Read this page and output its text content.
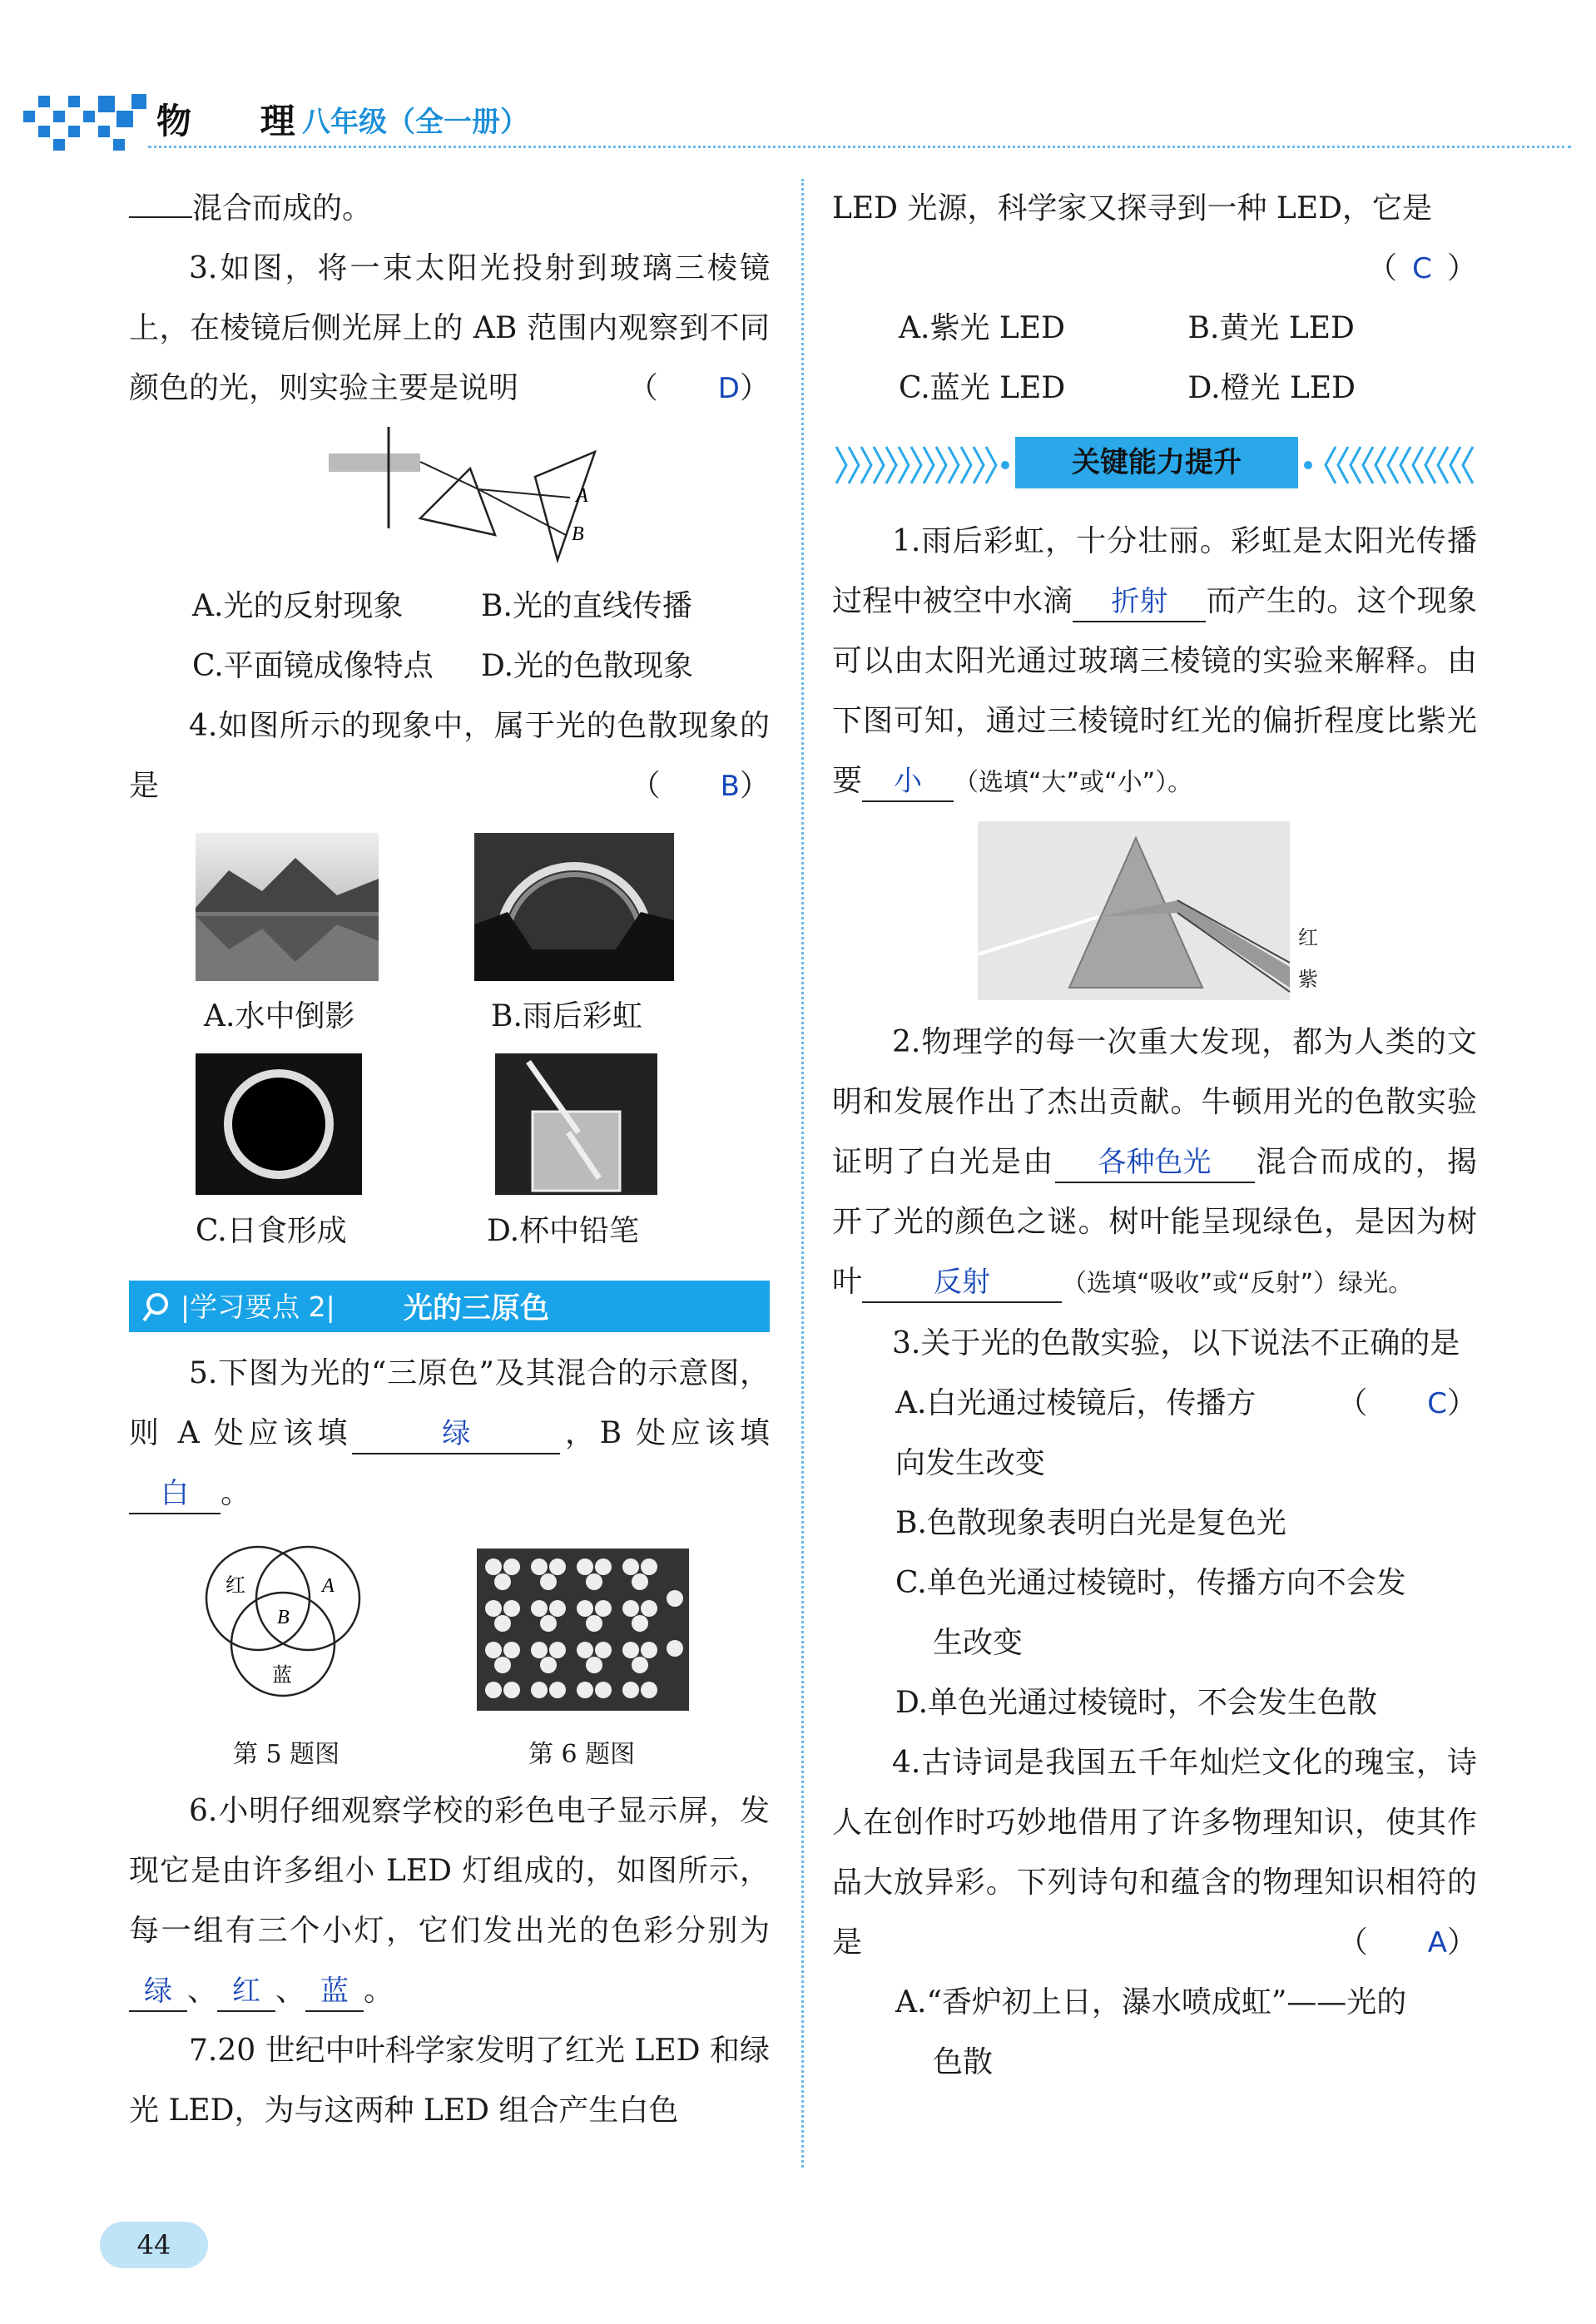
物 理
八年级（全一册）
混合而成的。
3.如图，将一束太阳光投射到玻璃三棱镜上，在棱镜后侧光屏上的 AB 范围内观察到不同颜色的光，则实验主要是说明	（ D）
A
B
A.光的反射现象	B.光的直线传播
C.平面镜成像特点	D.光的色散现象
4.如图所示的现象中，属于光的色散现象的是	（ B）
A.水中倒影	B.雨后彩虹
C.日食形成	D.杯中铅笔
|学习要点 2| 光的三原色
5.下图为光的“三原色”及其混合的示意图，则 A 处应该填	绿	，B 处应该填白 。
红	A
B
蓝
第 5 题图	第 6 题图
6.小明仔细观察学校的彩色电子显示屏，发现它是由许多组小 LED 灯组成的，如图所示，每一组有三个小灯，它们发出光的色彩分别为绿 、 红 、 蓝 。
7.20 世纪中叶科学家发明了红光 LED 和绿光 LED，为与这两种 LED 组合产生白色
LED 光源，科学家又探寻到一种 LED，它是
（ C ）
A.紫光 LED	B.黄光 LED
C.蓝光 LED	D.橙光 LED
关键能力提升
1.雨后彩虹，十分壮丽。彩虹是太阳光传播过程中被空中水滴 折射 而产生的。这个现象可以由太阳光通过玻璃三棱镜的实验来解释。由下图可知，通过三棱镜时红光的偏折程度比紫光要 小 （选填“大”或“小”）。
红
紫
2.物理学的每一次重大发现，都为人类的文明和发展作出了杰出贡献。牛顿用光的色散实验证明了白光是由 各种色光 混合而成的，揭开了光的颜色之谜。树叶能呈现绿色，是因为树叶	反射	（选填“吸收”或“反射”）绿光。
3.关于光的色散实验，以下说法不正确的是
（ C）
A.白光通过棱镜后，传播方向发生改变
B.色散现象表明白光是复色光
C.单色光通过棱镜时，传播方向不会发
生改变
D.单色光通过棱镜时，不会发生色散
4.古诗词是我国五千年灿烂文化的瑰宝，诗人在创作时巧妙地借用了许多物理知识，使其作品大放异彩。下列诗句和蕴含的物理知识相符的是	（ A）
A.“香炉初上日，瀑水喷成虹”——光的
色散
44
